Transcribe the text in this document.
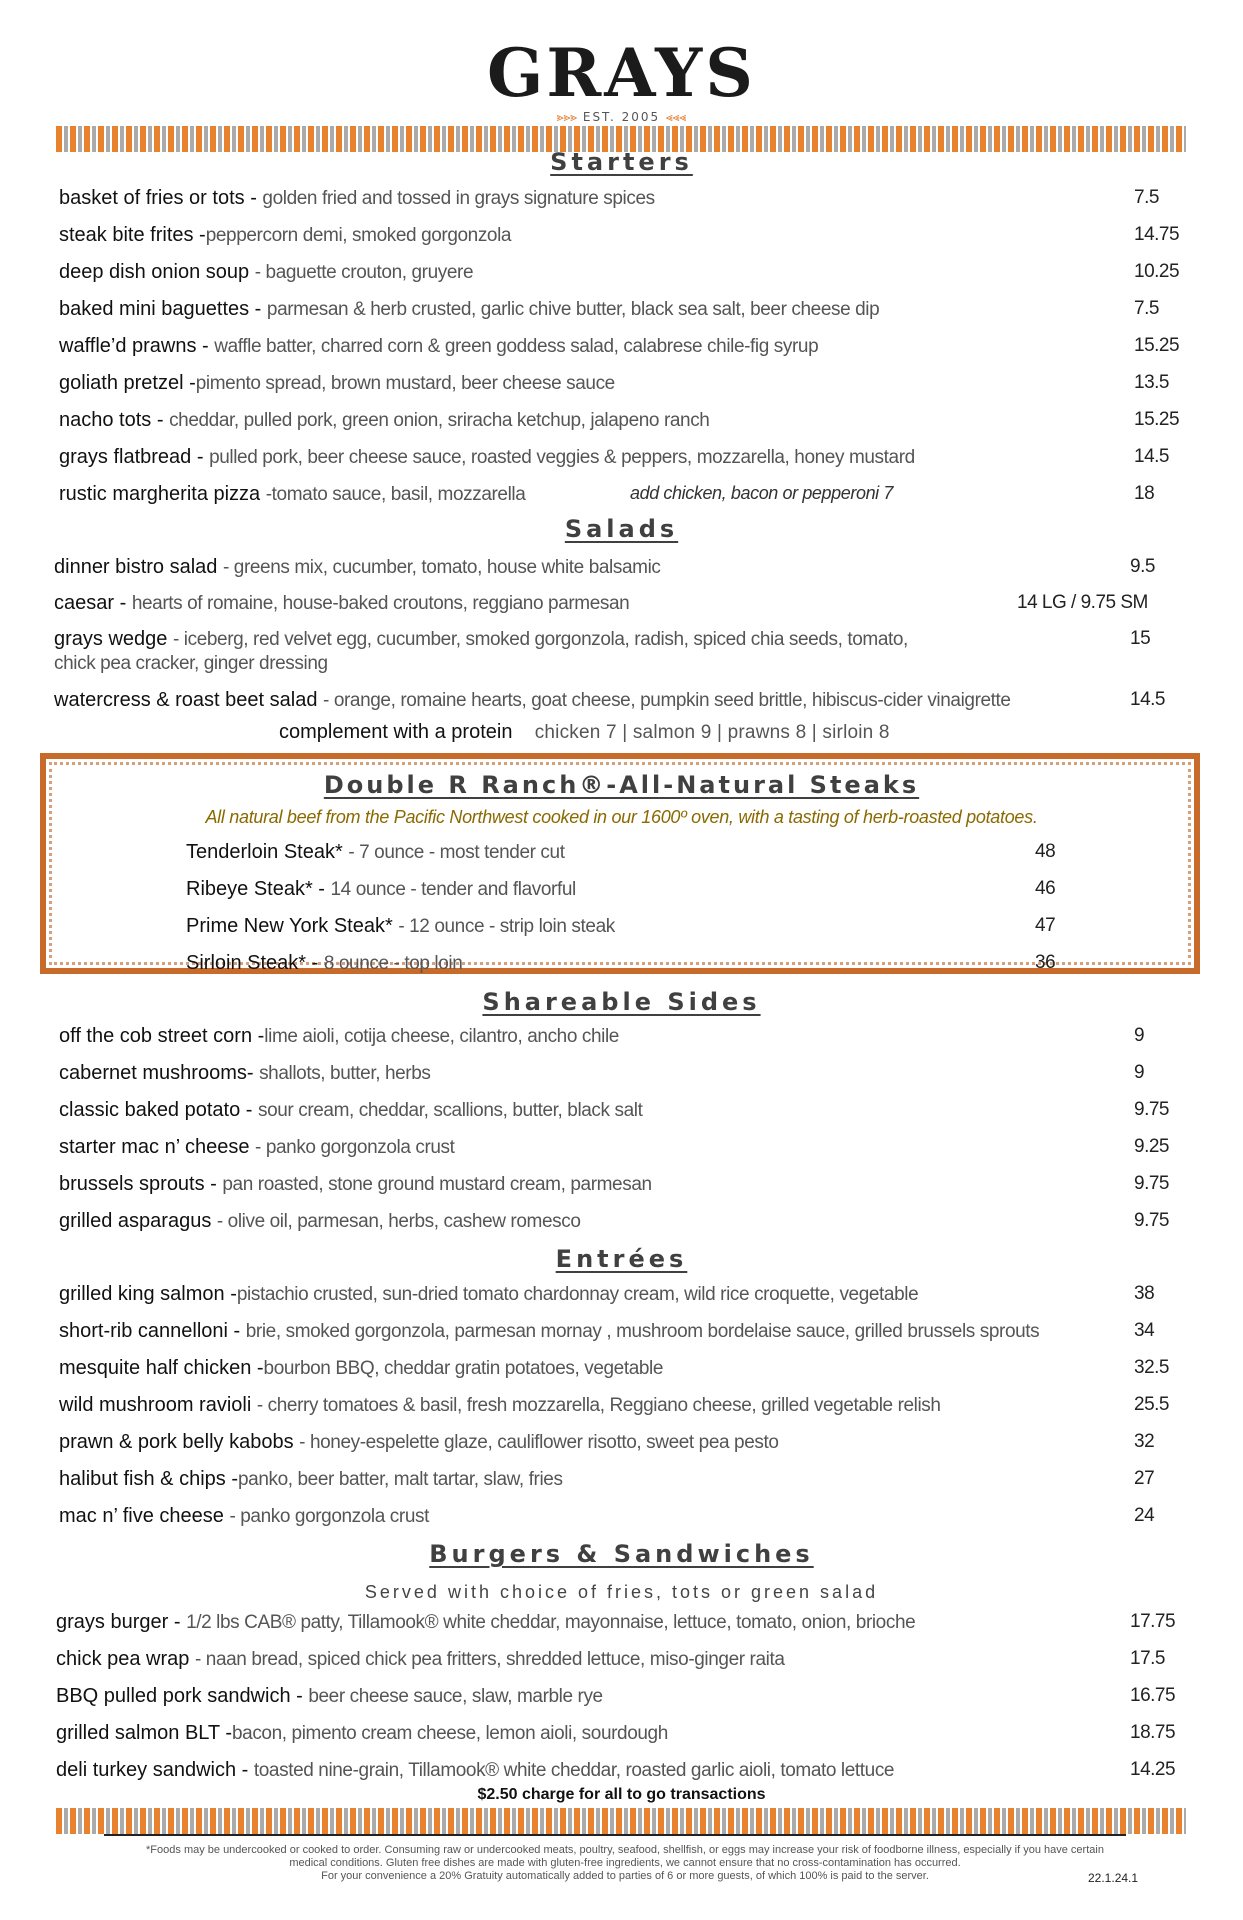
GRAYS
⪢⪢⪢ EST. 2005 ⪡⪡⪡
Starters
basket of fries or tots - golden fried and tossed in grays signature spices	7.5
steak bite frites -peppercorn demi, smoked gorgonzola	14.75
deep dish onion soup - baguette crouton, gruyere	10.25
baked mini baguettes - parmesan & herb crusted, garlic chive butter, black sea salt, beer cheese dip	7.5
waffle’d prawns - waffle batter, charred corn & green goddess salad, calabrese chile-fig syrup	15.25
goliath pretzel -pimento spread, brown mustard, beer cheese sauce	13.5
nacho tots - cheddar, pulled pork, green onion, sriracha ketchup, jalapeno ranch	15.25
grays flatbread - pulled pork, beer cheese sauce, roasted veggies & peppers, mozzarella, honey mustard	14.5
rustic margherita pizza -tomato sauce, basil, mozzarella	add chicken, bacon or pepperoni 7	18
Salads
dinner bistro salad - greens mix, cucumber, tomato, house white balsamic	9.5
caesar - hearts of romaine, house-baked croutons, reggiano parmesan	14 LG / 9.75 SM
grays wedge - iceberg, red velvet egg, cucumber, smoked gorgonzola, radish, spiced chia seeds, tomato,
chick pea cracker, ginger dressing
15
watercress & roast beet salad - orange, romaine hearts, goat cheese, pumpkin seed brittle, hibiscus-cider vinaigrette	14.5
complement with a protein chicken 7 | salmon 9 | prawns 8 | sirloin 8
Double R Ranch®-All-Natural Steaks
All natural beef from the Pacific Northwest cooked in our 1600º oven, with a tasting of herb-roasted potatoes.
Tenderloin Steak* - 7 ounce - most tender cut	48
Ribeye Steak* - 14 ounce - tender and flavorful	46
Prime New York Steak* - 12 ounce - strip loin steak	47
Sirloin Steak* - 8 ounce - top loin	36
Shareable Sides
off the cob street corn -lime aioli, cotija cheese, cilantro, ancho chile	9
cabernet mushrooms- shallots, butter, herbs	9
classic baked potato - sour cream, cheddar, scallions, butter, black salt	9.75
starter mac n’ cheese - panko gorgonzola crust	9.25
brussels sprouts - pan roasted, stone ground mustard cream, parmesan	9.75
grilled asparagus - olive oil, parmesan, herbs, cashew romesco	9.75
Entrées
grilled king salmon -pistachio crusted, sun-dried tomato chardonnay cream, wild rice croquette, vegetable	38
short-rib cannelloni - brie, smoked gorgonzola, parmesan mornay , mushroom bordelaise sauce, grilled brussels sprouts	34
mesquite half chicken -bourbon BBQ, cheddar gratin potatoes, vegetable	32.5
wild mushroom ravioli - cherry tomatoes & basil, fresh mozzarella, Reggiano cheese, grilled vegetable relish	25.5
prawn & pork belly kabobs - honey-espelette glaze, cauliflower risotto, sweet pea pesto	32
halibut fish & chips -panko, beer batter, malt tartar, slaw, fries	27
mac n’ five cheese - panko gorgonzola crust	24
Burgers & Sandwiches
Served with choice of fries, tots or green salad
grays burger - 1/2 lbs CAB® patty, Tillamook® white cheddar, mayonnaise, lettuce, tomato, onion, brioche	17.75
chick pea wrap - naan bread, spiced chick pea fritters, shredded lettuce, miso-ginger raita	17.5
BBQ pulled pork sandwich - beer cheese sauce, slaw, marble rye	16.75
grilled salmon BLT -bacon, pimento cream cheese, lemon aioli, sourdough	18.75
deli turkey sandwich - toasted nine-grain, Tillamook® white cheddar, roasted garlic aioli, tomato lettuce	14.25
$2.50 charge for all to go transactions
*Foods may be undercooked or cooked to order. Consuming raw or undercooked meats, poultry, seafood, shellfish, or eggs may increase your risk of foodborne illness, especially if you have certain
medical conditions. Gluten free dishes are made with gluten-free ingredients, we cannot ensure that no cross-contamination has occurred.
For your convenience a 20% Gratuity automatically added to parties of 6 or more guests, of which 100% is paid to the server.	22.1.24.1
